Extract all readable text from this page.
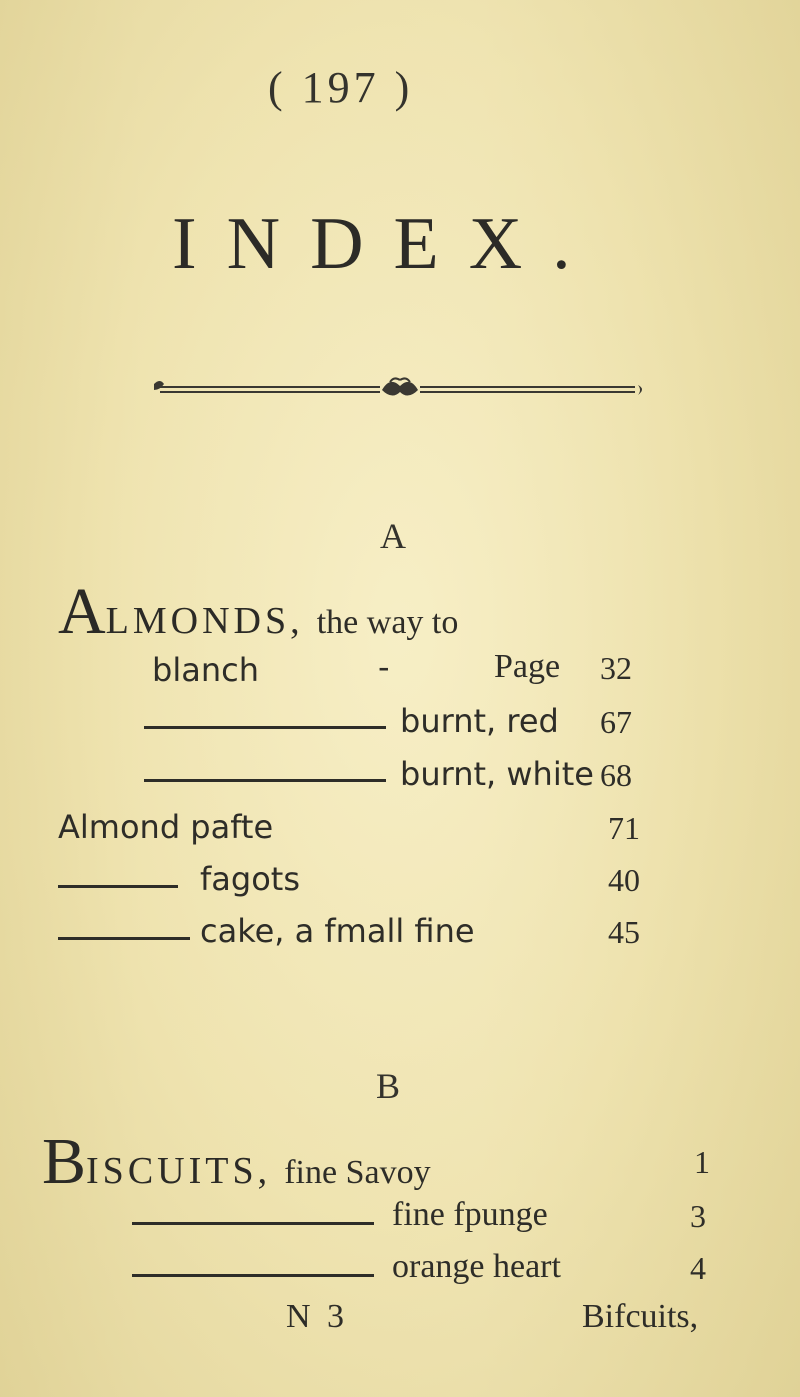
( 197 )
INDEX.
A
ALMONDS, the way to
blanch	-	Page 32
burnt, red 67
burnt, white 68
Almond pafte	71
fagots	40
cake, a fmall fine	45
B
BISCUITS, fine Savoy	1
fine fpunge	3
orange heart	4
N 3	Bifcuits,
